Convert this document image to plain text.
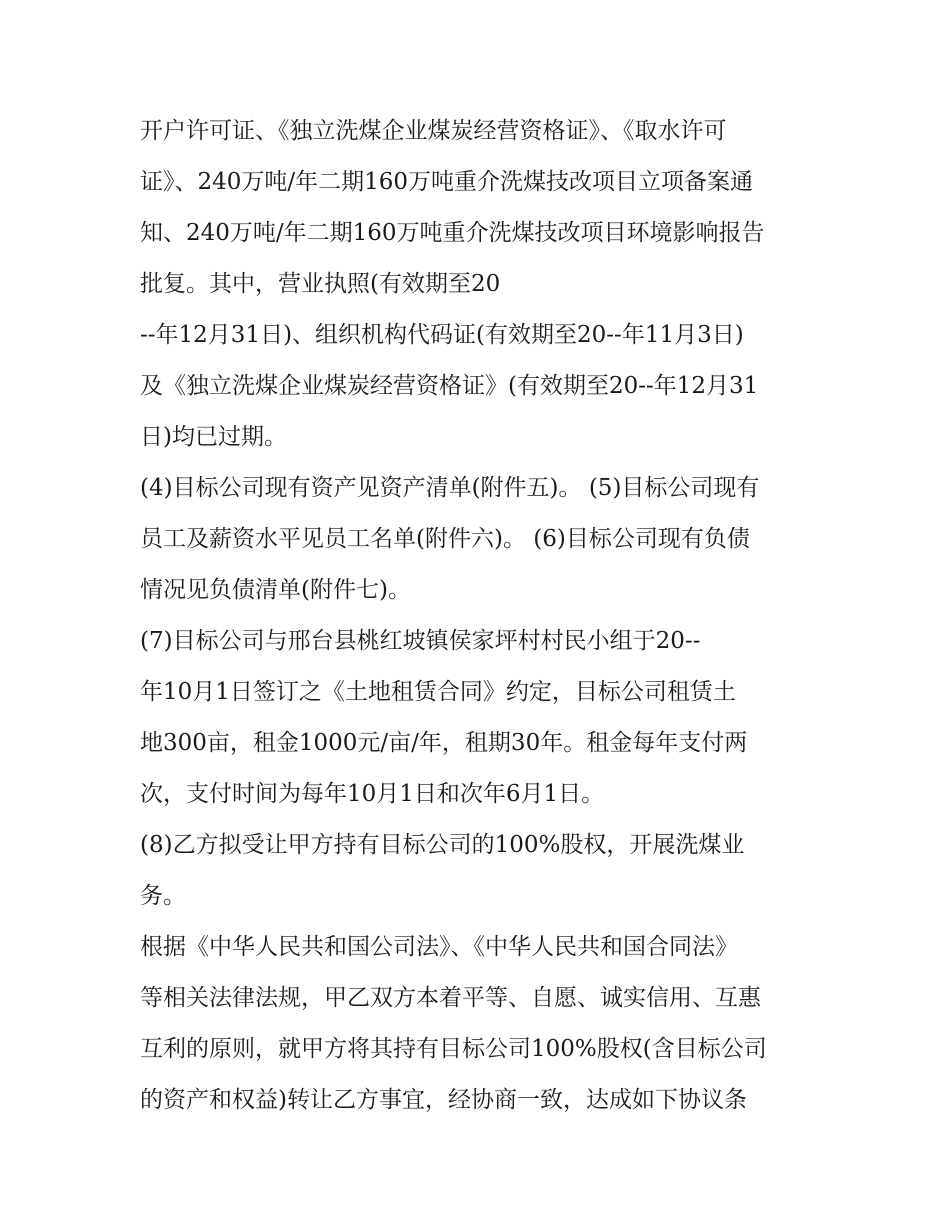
开户许可证、《独立洗煤企业煤炭经营资格证》、《取水许可
证》、240万吨/年二期160万吨重介洗煤技改项目立项备案通
知、240万吨/年二期160万吨重介洗煤技改项目环境影响报告
批复。其中，营业执照(有效期至20
--年12月31日)、组织机构代码证(有效期至20--年11月3日)
及《独立洗煤企业煤炭经营资格证》(有效期至20--年12月31
日)均已过期。
(4)目标公司现有资产见资产清单(附件五)。 (5)目标公司现有
员工及薪资水平见员工名单(附件六)。 (6)目标公司现有负债
情况见负债清单(附件七)。
(7)目标公司与邢台县桃红坡镇侯家坪村村民小组于20--
年10月1日签订之《土地租赁合同》约定，目标公司租赁土
地300亩，租金1000元/亩/年，租期30年。租金每年支付两
次，支付时间为每年10月1日和次年6月1日。
(8)乙方拟受让甲方持有目标公司的100%股权，开展洗煤业
务。
根据《中华人民共和国公司法》、《中华人民共和国合同法》
等相关法律法规，甲乙双方本着平等、自愿、诚实信用、互惠
互利的原则，就甲方将其持有目标公司100%股权(含目标公司
的资产和权益)转让乙方事宜，经协商一致，达成如下协议条
